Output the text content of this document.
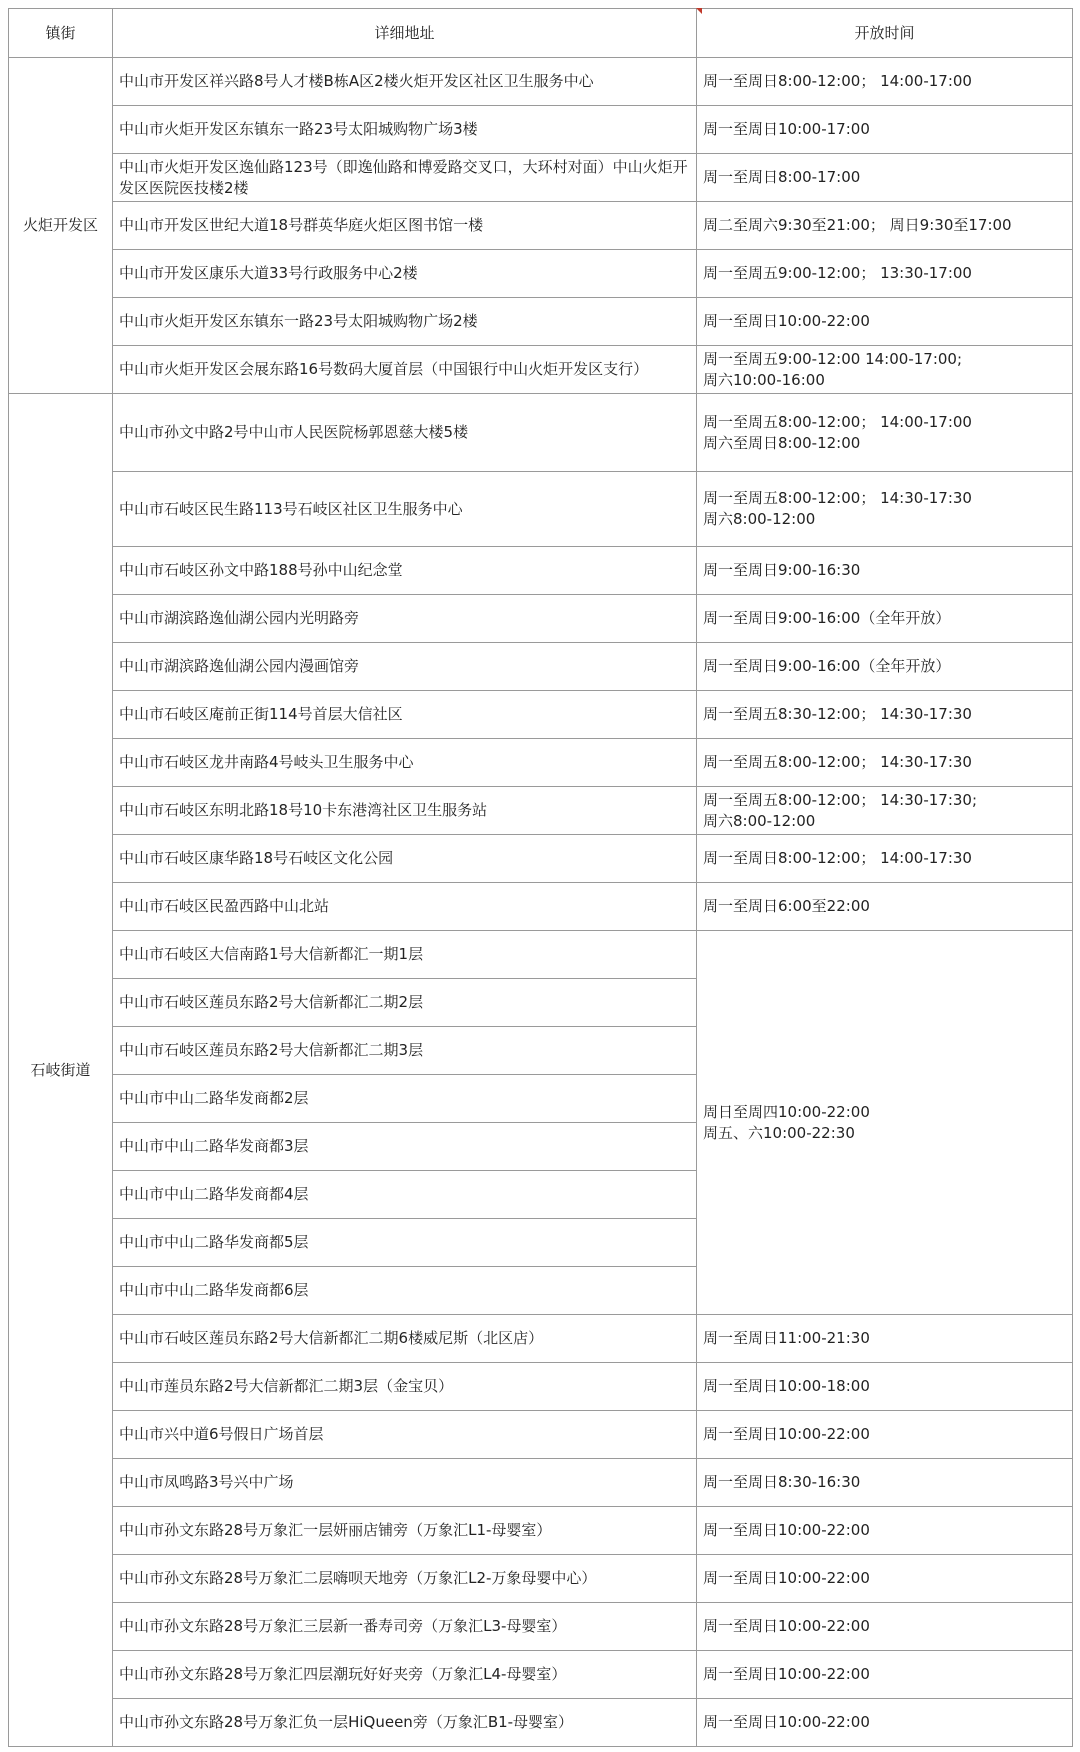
镇街	详细地址	开放时间
火炬开发区	中山市开发区祥兴路8号人才楼B栋A区2楼火炬开发区社区卫生服务中心	周一至周日8:00-12:00； 14:00-17:00
	中山市火炬开发区东镇东一路23号太阳城购物广场3楼	周一至周日10:00-17:00
	中山市火炬开发区逸仙路123号（即逸仙路和博爱路交叉口，大环村对面）中山火炬开发区医院医技楼2楼	周一至周日8:00-17:00
	中山市开发区世纪大道18号群英华庭火炬区图书馆一楼	周二至周六9:30至21:00； 周日9:30至17:00
	中山市开发区康乐大道33号行政服务中心2楼	周一至周五9:00-12:00； 13:30-17:00
	中山市火炬开发区东镇东一路23号太阳城购物广场2楼	周一至周日10:00-22:00
	中山市火炬开发区会展东路16号数码大厦首层（中国银行中山火炬开发区支行）	周一至周五9:00-12:00 14:00-17:00;
周六10:00-16:00
石岐街道	中山市孙文中路2号中山市人民医院杨郭恩慈大楼5楼	周一至周五8:00-12:00； 14:00-17:00
周六至周日8:00-12:00
	中山市石岐区民生路113号石岐区社区卫生服务中心	周一至周五8:00-12:00； 14:30-17:30
周六8:00-12:00
	中山市石岐区孙文中路188号孙中山纪念堂	周一至周日9:00-16:30
	中山市湖滨路逸仙湖公园内光明路旁	周一至周日9:00-16:00（全年开放）
	中山市湖滨路逸仙湖公园内漫画馆旁	周一至周日9:00-16:00（全年开放）
	中山市石岐区庵前正街114号首层大信社区	周一至周五8:30-12:00； 14:30-17:30
	中山市石岐区龙井南路4号岐头卫生服务中心	周一至周五8:00-12:00； 14:30-17:30
	中山市石岐区东明北路18号10卡东港湾社区卫生服务站	周一至周五8:00-12:00； 14:30-17:30;
周六8:00-12:00
	中山市石岐区康华路18号石岐区文化公园	周一至周日8:00-12:00； 14:00-17:30
	中山市石岐区民盈西路中山北站	周一至周日6:00至22:00
	中山市石岐区大信南路1号大信新都汇一期1层	周日至周四10:00-22:00
周五、六10:00-22:30
	中山市石岐区莲员东路2号大信新都汇二期2层	
	中山市石岐区莲员东路2号大信新都汇二期3层	
	中山市中山二路华发商都2层	
	中山市中山二路华发商都3层	
	中山市中山二路华发商都4层	
	中山市中山二路华发商都5层	
	中山市中山二路华发商都6层	
	中山市石岐区莲员东路2号大信新都汇二期6楼威尼斯（北区店）	周一至周日11:00-21:30
	中山市莲员东路2号大信新都汇二期3层（金宝贝）	周一至周日10:00-18:00
	中山市兴中道6号假日广场首层	周一至周日10:00-22:00
	中山市凤鸣路3号兴中广场	周一至周日8:30-16:30
	中山市孙文东路28号万象汇一层妍丽店铺旁（万象汇L1-母婴室）	周一至周日10:00-22:00
	中山市孙文东路28号万象汇二层嗨呗天地旁（万象汇L2-万象母婴中心）	周一至周日10:00-22:00
	中山市孙文东路28号万象汇三层新一番寿司旁（万象汇L3-母婴室）	周一至周日10:00-22:00
	中山市孙文东路28号万象汇四层潮玩好好夹旁（万象汇L4-母婴室）	周一至周日10:00-22:00
	中山市孙文东路28号万象汇负一层HiQueen旁（万象汇B1-母婴室）	周一至周日10:00-22:00
